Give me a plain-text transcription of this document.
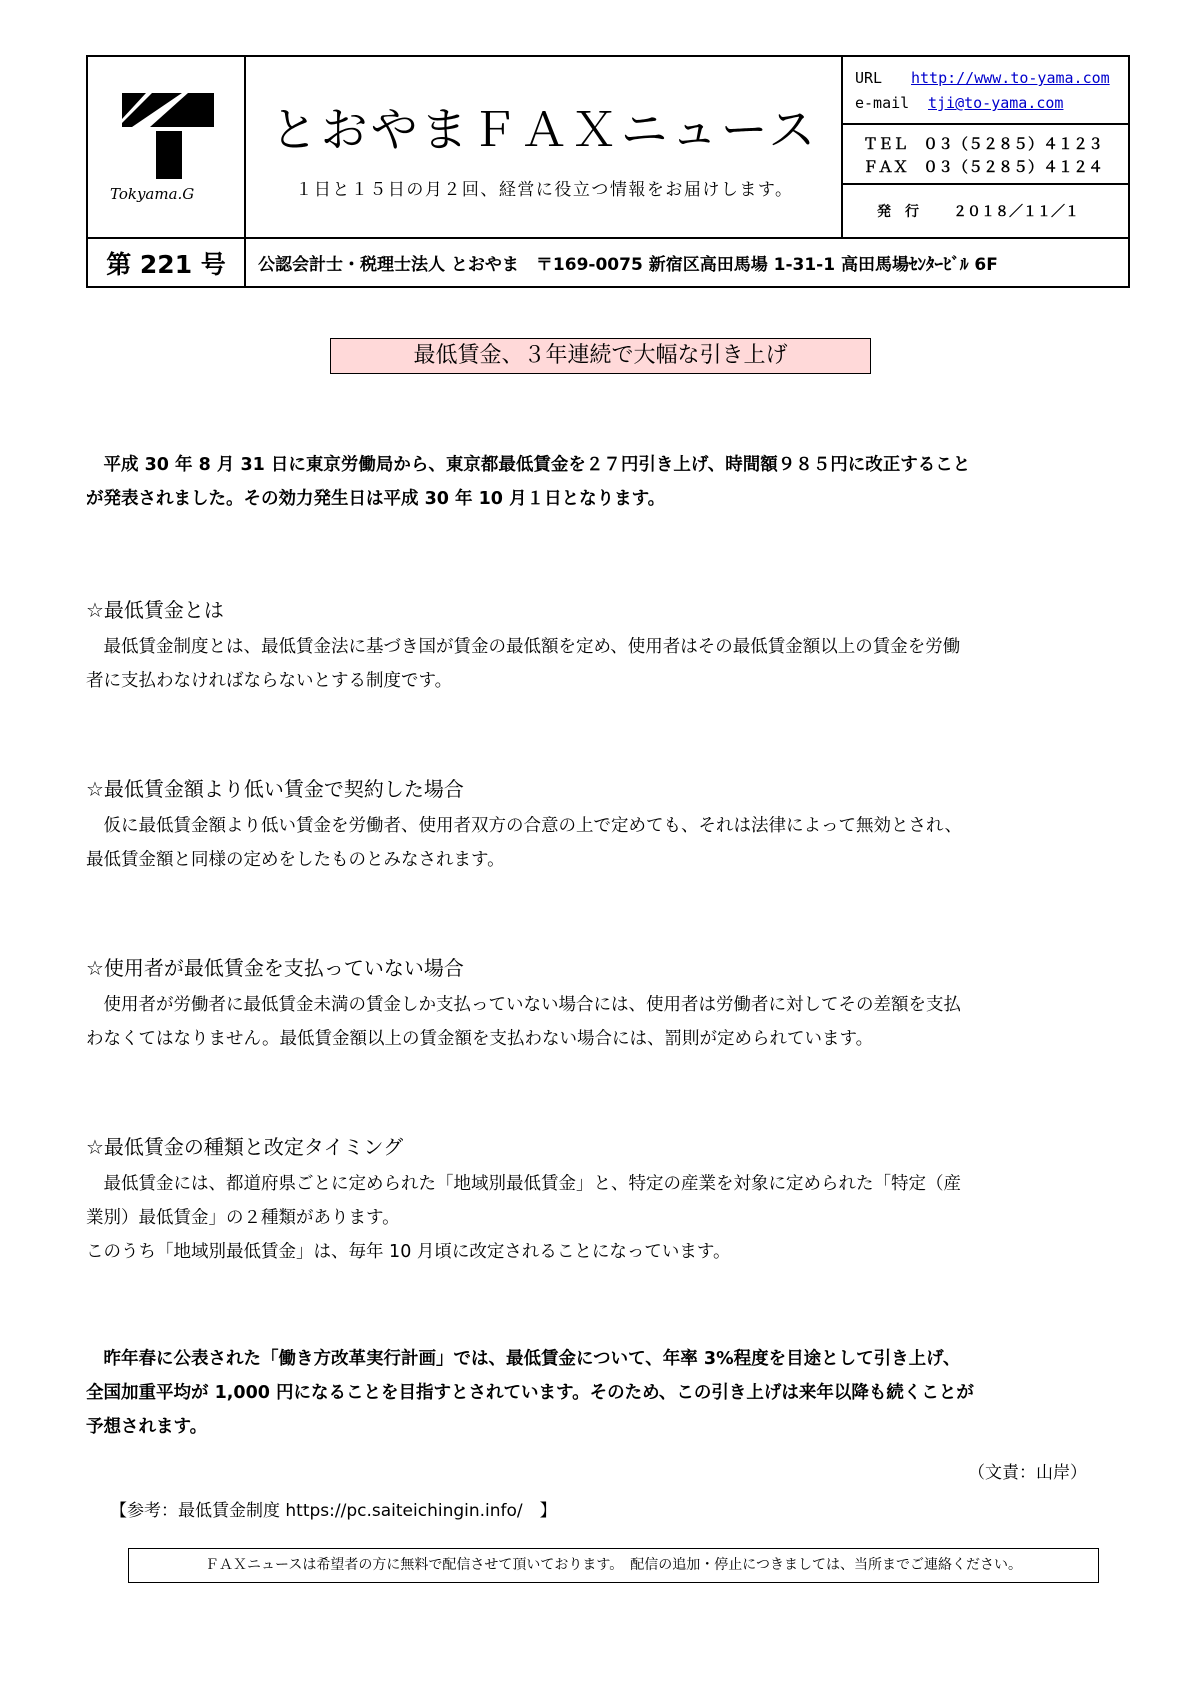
Tokyama.G
とおやまＦＡＸニュース
１日と１５日の月２回、経営に役立つ情報をお届けします。
URL http://www.to-yama.com
e-mail tji@to-yama.com
ＴＥＬ　０３（５２８５）４１２３
ＦＡＸ　０３（５２８５）４１２４
発　行 ２０１８／１１／１
第 221 号	公認会計士・税理士法人 とおやま　〒169-0075 新宿区高田馬場 1-31-1 高田馬場ｾﾝﾀｰﾋﾞﾙ 6F
最低賃金、３年連続で大幅な引き上げ
　平成 30 年 8 月 31 日に東京労働局から、東京都最低賃金を２７円引き上げ、時間額９８５円に改正すること
が発表されました。その効力発生日は平成 30 年 10 月１日となります。
☆最低賃金とは
　最低賃金制度とは、最低賃金法に基づき国が賃金の最低額を定め、使用者はその最低賃金額以上の賃金を労働
者に支払わなければならないとする制度です。
☆最低賃金額より低い賃金で契約した場合
　仮に最低賃金額より低い賃金を労働者、使用者双方の合意の上で定めても、それは法律によって無効とされ、
最低賃金額と同様の定めをしたものとみなされます。
☆使用者が最低賃金を支払っていない場合
　使用者が労働者に最低賃金未満の賃金しか支払っていない場合には、使用者は労働者に対してその差額を支払
わなくてはなりません。最低賃金額以上の賃金額を支払わない場合には、罰則が定められています。
☆最低賃金の種類と改定タイミング
　最低賃金には、都道府県ごとに定められた「地域別最低賃金」と、特定の産業を対象に定められた「特定（産
業別）最低賃金」の２種類があります。
このうち「地域別最低賃金」は、毎年 10 月頃に改定されることになっています。
　昨年春に公表された「働き方改革実行計画」では、最低賃金について、年率 3%程度を目途として引き上げ、
全国加重平均が 1,000 円になることを目指すとされています。そのため、この引き上げは来年以降も続くことが
予想されます。
（文責：山岸）
【参考：最低賃金制度 https://pc.saiteichingin.info/　】
ＦＡＸニュースは希望者の方に無料で配信させて頂いております。　配信の追加・停止につきましては、当所までご連絡ください。
